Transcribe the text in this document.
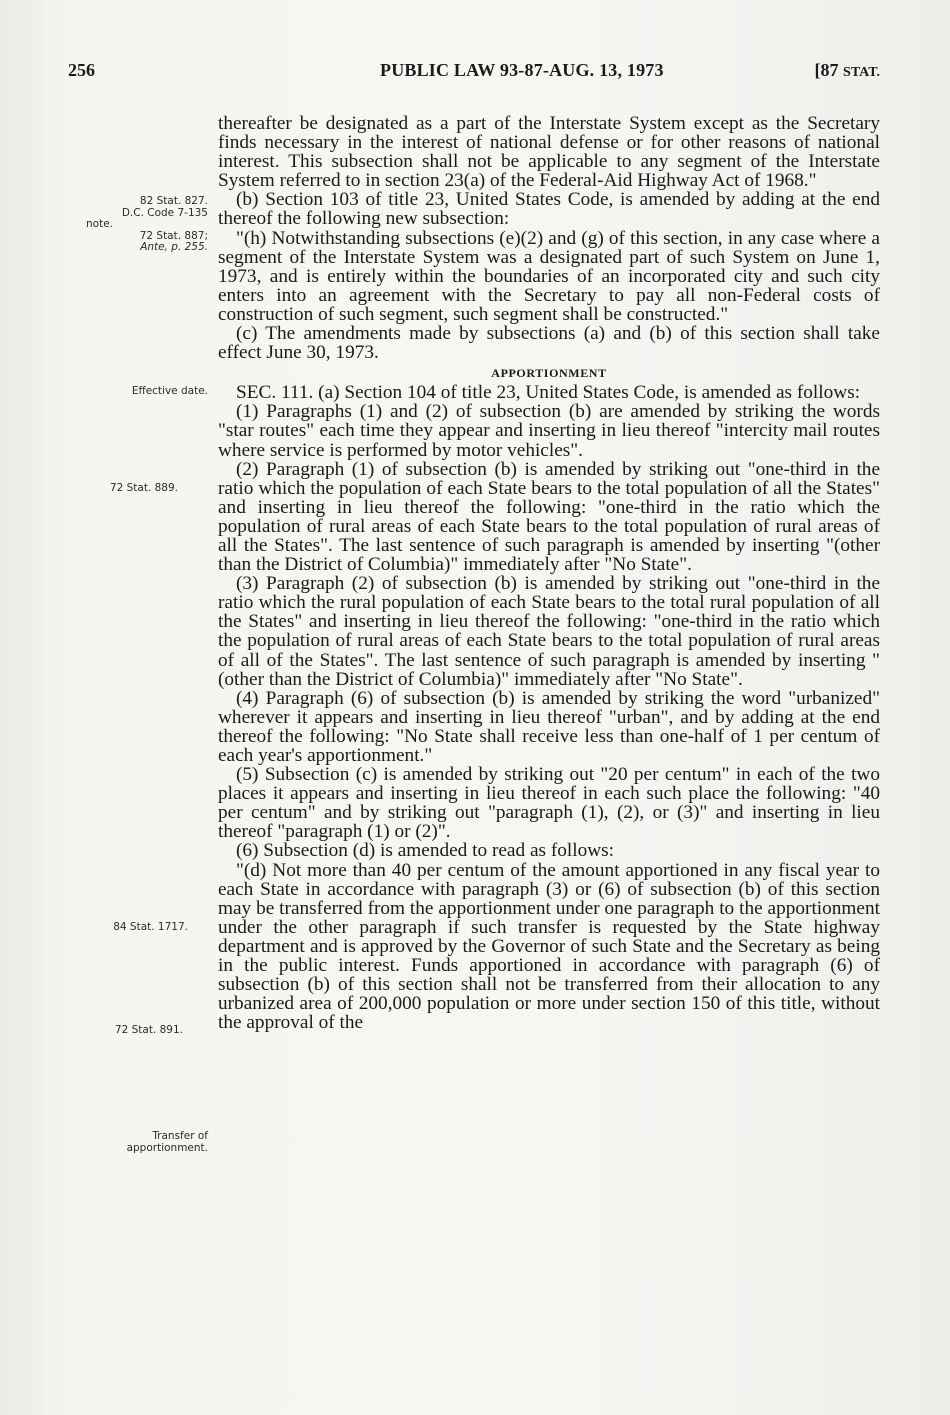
256	PUBLIC LAW 93-87-AUG. 13, 1973	[87 STAT.
82 Stat. 827.
D.C. Code 7-135
note.
72 Stat. 887;
Ante, p. 255.
Effective date.
72 Stat. 889.
84 Stat. 1717.
72 Stat. 891.
Transfer of
apportionment.

thereafter be designated as a part of the Interstate System except as the Secretary finds necessary in the interest of national defense or for other reasons of national interest. This subsection shall not be applicable to any segment of the Interstate System referred to in section 23(a) of the Federal-Aid Highway Act of 1968."

(b) Section 103 of title 23, United States Code, is amended by adding at the end thereof the following new subsection:

"(h) Notwithstanding subsections (e)(2) and (g) of this section, in any case where a segment of the Interstate System was a designated part of such System on June 1, 1973, and is entirely within the boundaries of an incorporated city and such city enters into an agreement with the Secretary to pay all non-Federal costs of construction of such segment, such segment shall be constructed."

(c) The amendments made by subsections (a) and (b) of this section shall take effect June 30, 1973.

APPORTIONMENT

SEC. 111. (a) Section 104 of title 23, United States Code, is amended as follows:

(1) Paragraphs (1) and (2) of subsection (b) are amended by striking the words "star routes" each time they appear and inserting in lieu thereof "intercity mail routes where service is performed by motor vehicles".

(2) Paragraph (1) of subsection (b) is amended by striking out "one-third in the ratio which the population of each State bears to the total population of all the States" and inserting in lieu thereof the following: "one-third in the ratio which the population of rural areas of each State bears to the total population of rural areas of all the States". The last sentence of such paragraph is amended by inserting "(other than the District of Columbia)" immediately after "No State".

(3) Paragraph (2) of subsection (b) is amended by striking out "one-third in the ratio which the rural population of each State bears to the total rural population of all the States" and inserting in lieu thereof the following: "one-third in the ratio which the population of rural areas of each State bears to the total population of rural areas of all of the States". The last sentence of such paragraph is amended by inserting "(other than the District of Columbia)" immediately after "No State".

(4) Paragraph (6) of subsection (b) is amended by striking the word "urbanized" wherever it appears and inserting in lieu thereof "urban", and by adding at the end thereof the following: "No State shall receive less than one-half of 1 per centum of each year's apportionment."

(5) Subsection (c) is amended by striking out "20 per centum" in each of the two places it appears and inserting in lieu thereof in each such place the following: "40 per centum" and by striking out "paragraph (1), (2), or (3)" and inserting in lieu thereof "paragraph (1) or (2)".

(6) Subsection (d) is amended to read as follows:

"(d) Not more than 40 per centum of the amount apportioned in any fiscal year to each State in accordance with paragraph (3) or (6) of subsection (b) of this section may be transferred from the apportionment under one paragraph to the apportionment under the other paragraph if such transfer is requested by the State highway department and is approved by the Governor of such State and the Secretary as being in the public interest. Funds apportioned in accordance with paragraph (6) of subsection (b) of this section shall not be transferred from their allocation to any urbanized area of 200,000 population or more under section 150 of this title, without the approval of the
